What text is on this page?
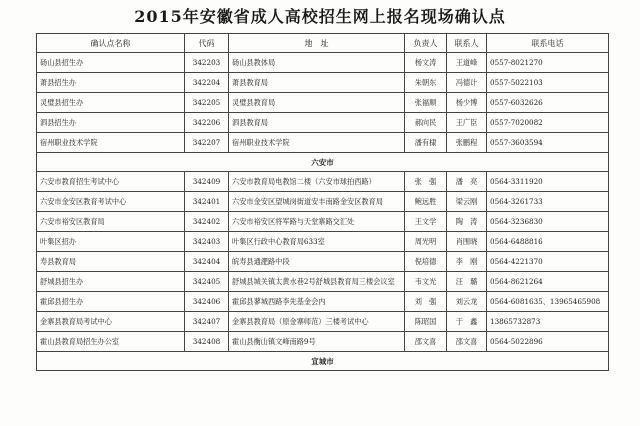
2015年安徽省成人高校招生网上报名现场确认点
确认点名称	代码	地　址	负责人	联系人	联系电话
砀山县招生办	342203	砀山县教体局	杨文涛	王道峰	0557-8021270
萧县招生办	342204	萧县教育局	朱朝东	冯德计	0557-5022103
灵璧县招生办	342205	灵璧县教育局	张福顺	杨少博	0557-6032626
泗县招生办	342206	泗县教育局	郝向民	王广臣	0557-7020082
宿州职业技术学院	342207	宿州职业技术学院	潘有棣	张鹏程	0557-3603594
六安市					
六安市教育招生考试中心	342409	六安市教育局电教馆二楼（六安市球拍西路）	张　强	潘　亮	0564-3311920
六安市金安区教育考试中心	342401	六安市金安区望城岗街道安丰南路金安区教育局	鲍远胜	梁云刚	0564-3261733
六安市裕安区教育局	342402	六安市裕安区将军路与天堂寨路交汇处	王文学	陶　涛	0564-3236830
叶集区招办	342403	叶集区行政中心教育局633室	周光明	肖围晓	0564-6488816
寿县教育局	342404	皖寿县通淝路中段	倪培德	李　刚	0564-4221370
舒城县招生办	342405	舒城县城关镇太黄水巷2号舒城县教育局三楼会议室	韦文光	汪　璐	0564-8621264
霍邱县招生办	342406	霍邱县蓼城西路李先基金会内	刘　强	刘云龙	0564-6081635、13965465908
金寨县教育局考试中心	342407	金寨县教育局（原金寨师范）三楼考试中心	陈昭国	于　鑫	13865732873
霍山县教育局招生办公室	342408	霍山县衡山镇文峰南路9号	邵文喜	邵文喜	0564-5022896
宣城市					
